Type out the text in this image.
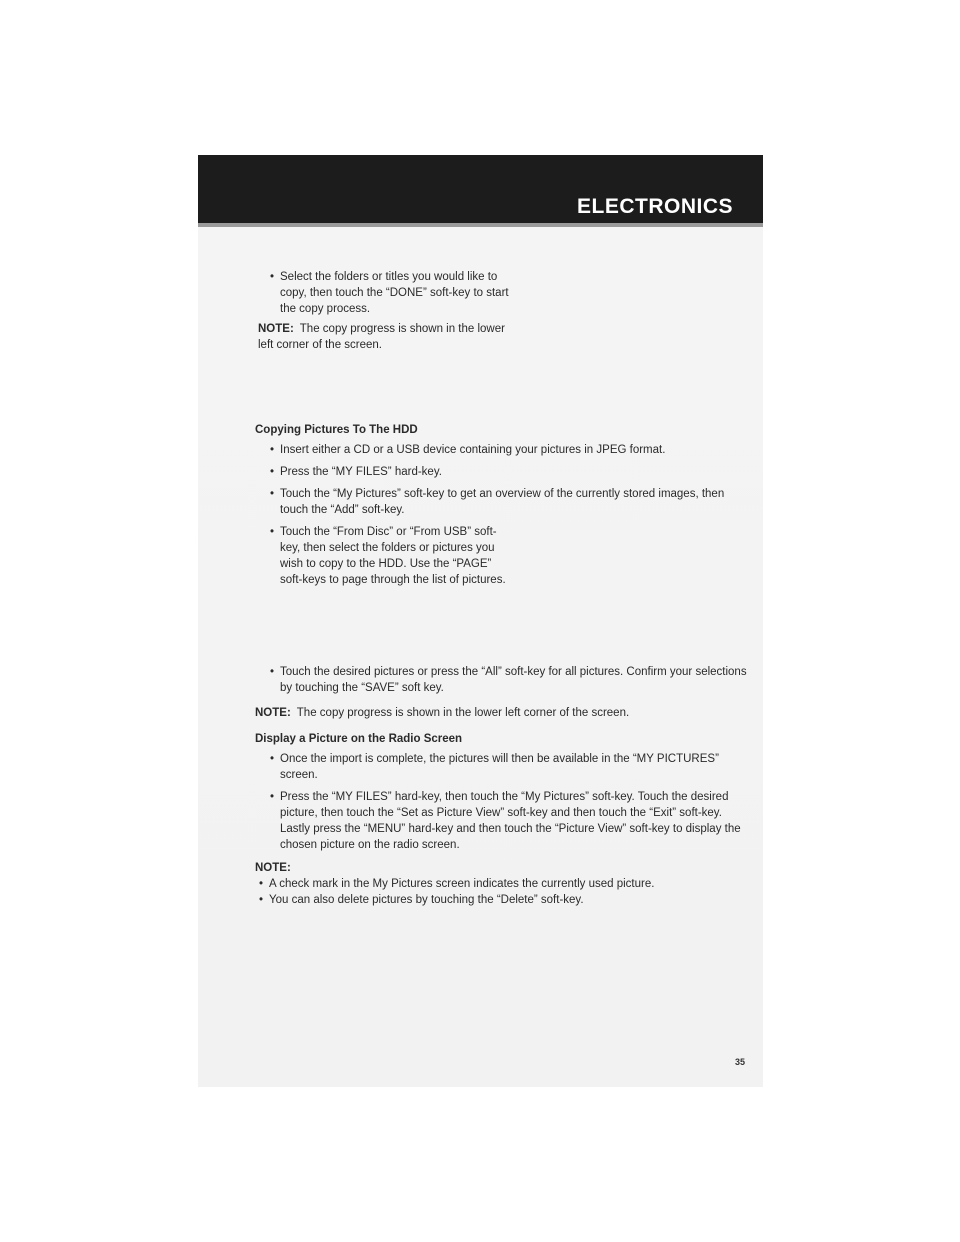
ELECTRONICS
• Select the folders or titles you would like to copy, then touch the “DONE” soft-key to start the copy process.
NOTE: The copy progress is shown in the lower left corner of the screen.
Copying Pictures To The HDD
• Insert either a CD or a USB device containing your pictures in JPEG format.
• Press the “MY FILES” hard-key.
• Touch the “My Pictures” soft-key to get an overview of the currently stored images, then touch the “Add” soft-key.
• Touch the “From Disc” or “From USB” soft-key, then select the folders or pictures you wish to copy to the HDD. Use the “PAGE” soft-keys to page through the list of pictures.
• Touch the desired pictures or press the “All” soft-key for all pictures. Confirm your selections by touching the “SAVE” soft key.
NOTE: The copy progress is shown in the lower left corner of the screen.
Display a Picture on the Radio Screen
• Once the import is complete, the pictures will then be available in the “MY PICTURES” screen.
• Press the “MY FILES” hard-key, then touch the “My Pictures” soft-key. Touch the desired picture, then touch the “Set as Picture View” soft-key and then touch the “Exit” soft-key. Lastly press the “MENU” hard-key and then touch the “Picture View” soft-key to display the chosen picture on the radio screen.
NOTE:
• A check mark in the My Pictures screen indicates the currently used picture.
• You can also delete pictures by touching the “Delete” soft-key.
35
